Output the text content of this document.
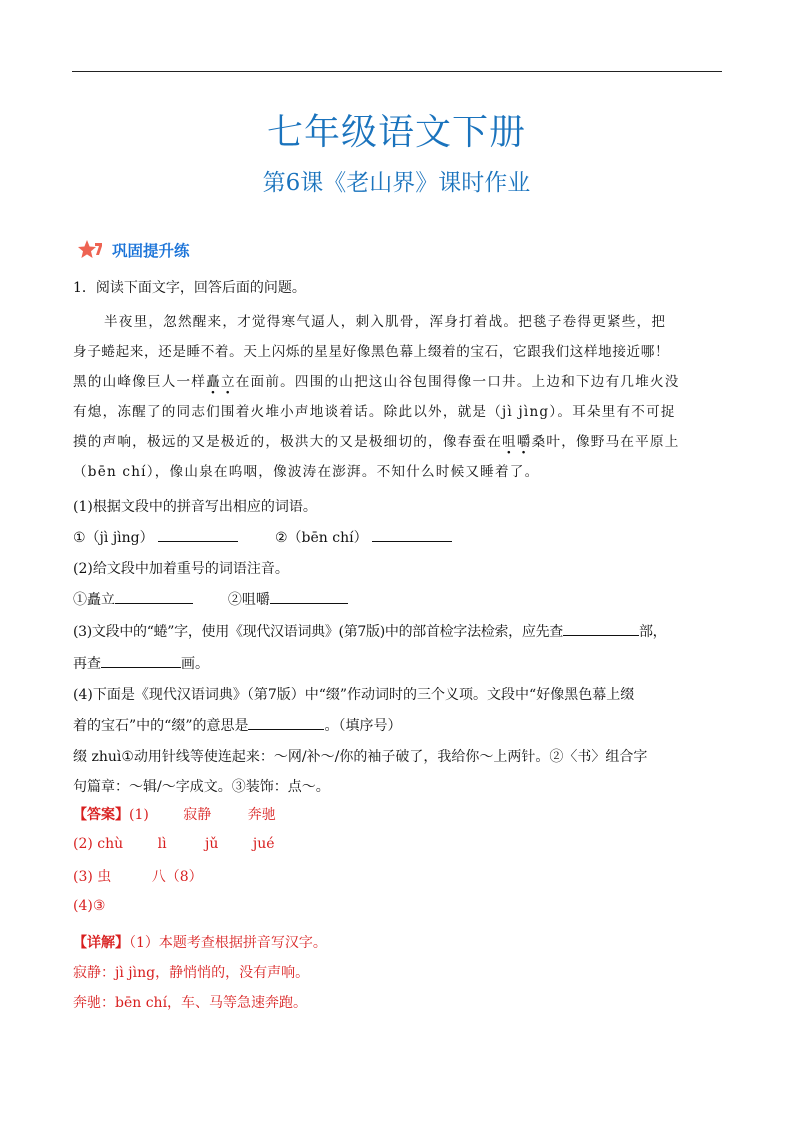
七年级语文下册
第6课《老山界》课时作业
巩固提升练
1．阅读下面文字，回答后面的问题。
半夜里，忽然醒来，才觉得寒气逼人，刺入肌骨，浑身打着战。把毯子卷得更紧些，把
身子蜷起来，还是睡不着。天上闪烁的星星好像黑色幕上缀着的宝石，它跟我们这样地接近哪！
黑的山峰像巨人一样矗立在面前。四围的山把这山谷包围得像一口井。上边和下边有几堆火没
有熄，冻醒了的同志们围着火堆小声地谈着话。除此以外，就是（jì jìng）。耳朵里有不可捉
摸的声响，极远的又是极近的，极洪大的又是极细切的，像春蚕在咀嚼桑叶，像野马在平原上
（bēn chí），像山泉在呜咽，像波涛在澎湃。不知什么时候又睡着了。
(1)根据文段中的拼音写出相应的词语。
①（jì jìng）	②（bēn chí）
(2)给文段中加着重号的词语注音。
①矗立	②咀嚼
(3)文段中的“蜷”字，使用《现代汉语词典》(第7版)中的部首检字法检索，应先查	部，
再查	画。
(4)下面是《现代汉语词典》（第7版）中“缀”作动词时的三个义项。文段中“好像黑色幕上缀
着的宝石”中的“缀”的意思是	。（填序号）
缀 zhuì①动用针线等使连起来：～网/补～/你的袖子破了，我给你～上两针。②〈书〉组合字
句篇章：～辑/～字成文。③装饰：点～。
【答案】(1) 寂静	奔驰
(2) chù lì	jǔ jué
(3) 虫	八（8）
(4)③
【详解】（1）本题考查根据拼音写汉字。
寂静：jì jìng，静悄悄的，没有声响。
奔驰：bēn chí，车、马等急速奔跑。
